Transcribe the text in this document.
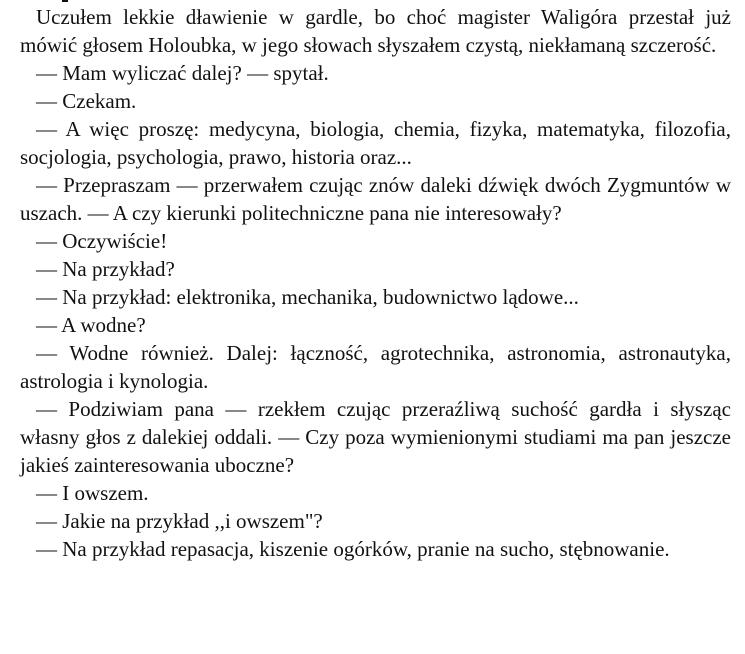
Uczułem lekkie dławienie w gardle, bo choć magister Waligóra przestał już mówić głosem Holoubka, w jego słowach słyszałem czystą, niekłamaną szczerość.

— Mam wyliczać dalej? — spytał.

— Czekam.

— A więc proszę: medycyna, biologia, chemia, fizyka, matematyka, filozofia, socjologia, psychologia, prawo, historia oraz...

— Przepraszam — przerwałem czując znów daleki dźwięk dwóch Zygmuntów w uszach. — A czy kierunki politechniczne pana nie interesowały?

— Oczywiście!

— Na przykład?

— Na przykład: elektronika, mechanika, budownictwo lądowe...

— A wodne?

— Wodne również. Dalej: łączność, agrotechnika, astronomia, astronautyka, astrologia i kynologia.

— Podziwiam pana — rzekłem czując przeraźliwą suchość gardła i słysząc własny głos z dalekiej oddali. — Czy poza wymienionymi studiami ma pan jeszcze jakieś zainteresowania uboczne?

— I owszem.

— Jakie na przykład ,,i owszem"?

— Na przykład repasacja, kiszenie ogórków, pranie na sucho, stębnowanie.
